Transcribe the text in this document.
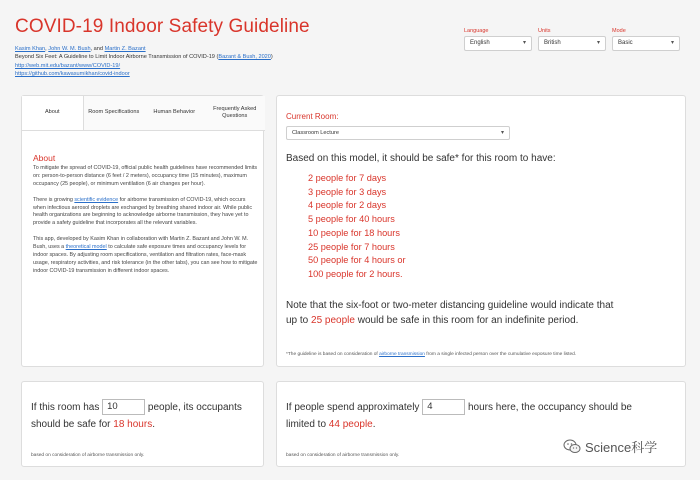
COVID-19 Indoor Safety Guideline
Kasim Khan, John W. M. Bush, and Martin Z. Bazant
Beyond Six Feet: A Guideline to Limit Indoor Airborne Transmission of COVID-19 (Bazant & Bush, 2020)
http://web.mit.edu/bazant/www/COVID-19/
https://github.com/kawasumikhan/covid-indoor
Language
English	▾
Units
British	▾
Mode
Basic	▾
About	Room Specifications	Human Behavior
Frequently Asked Questions
About

To mitigate the spread of COVID-19, official public health guidelines have recommended limits on: person-to-person distance (6 feet / 2 meters), occupancy time (15 minutes), maximum occupancy (25 people), or minimum ventilation (6 air changes per hour).

There is growing scientific evidence for airborne transmission of COVID-19, which occurs when infectious aerosol droplets are exchanged by breathing shared indoor air. While public health organizations are beginning to acknowledge airborne transmission, they have yet to provide a safety guideline that incorporates all the relevant variables.

This app, developed by Kasim Khan in collaboration with Martin Z. Bazant and John W. M. Bush, uses a theoretical model to calculate safe exposure times and occupancy levels for indoor spaces. By adjusting room specifications, ventilation and filtration rates, face-mask usage, respiratory activities, and risk tolerance (in the other tabs), you can see how to mitigate indoor COVID-19 transmission in different indoor spaces.

Current Room:
Classroom Lecture	▾
Based on this model, it should be safe* for this room to have:
2 people for 7 days
3 people for 3 days
4 people for 2 days
5 people for 40 hours
10 people for 18 hours
25 people for 7 hours
50 people for 4 hours or
100 people for 2 hours.
Note that the six-foot or two-meter distancing guideline would indicate that up to 25 people would be safe in this room for an indefinite period.
*The guideline is based on consideration of airborne transmission from a single infected person over the cumulative exposure time listed.
If this room has 10	people, its occupants should be safe for 18 hours.
based on consideration of airborne transmission only.
If people spend approximately 4	hours here, the occupancy should be limited to 44 people.
based on consideration of airborne transmission only.
Science科学
